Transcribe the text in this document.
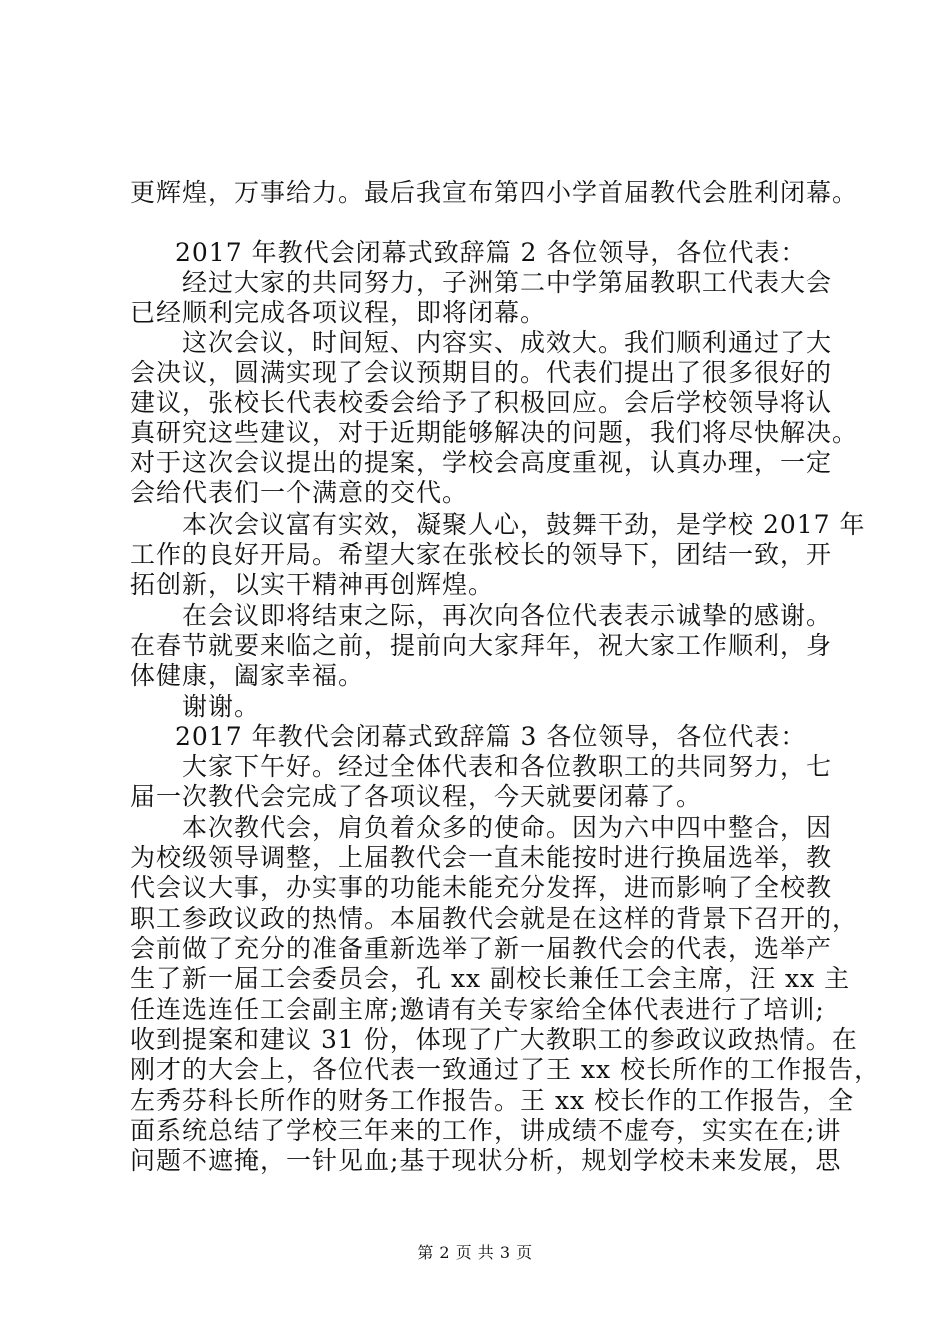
更辉煌，万事给力。最后我宣布第四小学首届教代会胜利闭幕。
2017 年教代会闭幕式致辞篇 2 各位领导，各位代表：
经过大家的共同努力，子洲第二中学第届教职工代表大会
已经顺利完成各项议程，即将闭幕。
这次会议，时间短、内容实、成效大。我们顺利通过了大
会决议，圆满实现了会议预期目的。代表们提出了很多很好的
建议，张校长代表校委会给予了积极回应。会后学校领导将认
真研究这些建议，对于近期能够解决的问题，我们将尽快解决。
对于这次会议提出的提案，学校会高度重视，认真办理，一定
会给代表们一个满意的交代。
本次会议富有实效，凝聚人心，鼓舞干劲，是学校 2017 年
工作的良好开局。希望大家在张校长的领导下，团结一致，开
拓创新，以实干精神再创辉煌。
在会议即将结束之际，再次向各位代表表示诚挚的感谢。
在春节就要来临之前，提前向大家拜年，祝大家工作顺利，身
体健康，阖家幸福。
谢谢。
2017 年教代会闭幕式致辞篇 3 各位领导，各位代表：
大家下午好。经过全体代表和各位教职工的共同努力，七
届一次教代会完成了各项议程，今天就要闭幕了。
本次教代会，肩负着众多的使命。因为六中四中整合，因
为校级领导调整，上届教代会一直未能按时进行换届选举，教
代会议大事，办实事的功能未能充分发挥，进而影响了全校教
职工参政议政的热情。本届教代会就是在这样的背景下召开的，
会前做了充分的准备重新选举了新一届教代会的代表，选举产
生了新一届工会委员会，孔 xx 副校长兼任工会主席，汪 xx 主
任连选连任工会副主席;邀请有关专家给全体代表进行了培训;
收到提案和建议 31 份，体现了广大教职工的参政议政热情。在
刚才的大会上，各位代表一致通过了王 xx 校长所作的工作报告，
左秀芬科长所作的财务工作报告。王 xx 校长作的工作报告，全
面系统总结了学校三年来的工作，讲成绩不虚夸，实实在在;讲
问题不遮掩，一针见血;基于现状分析，规划学校未来发展，思
第 2 页 共 3 页
